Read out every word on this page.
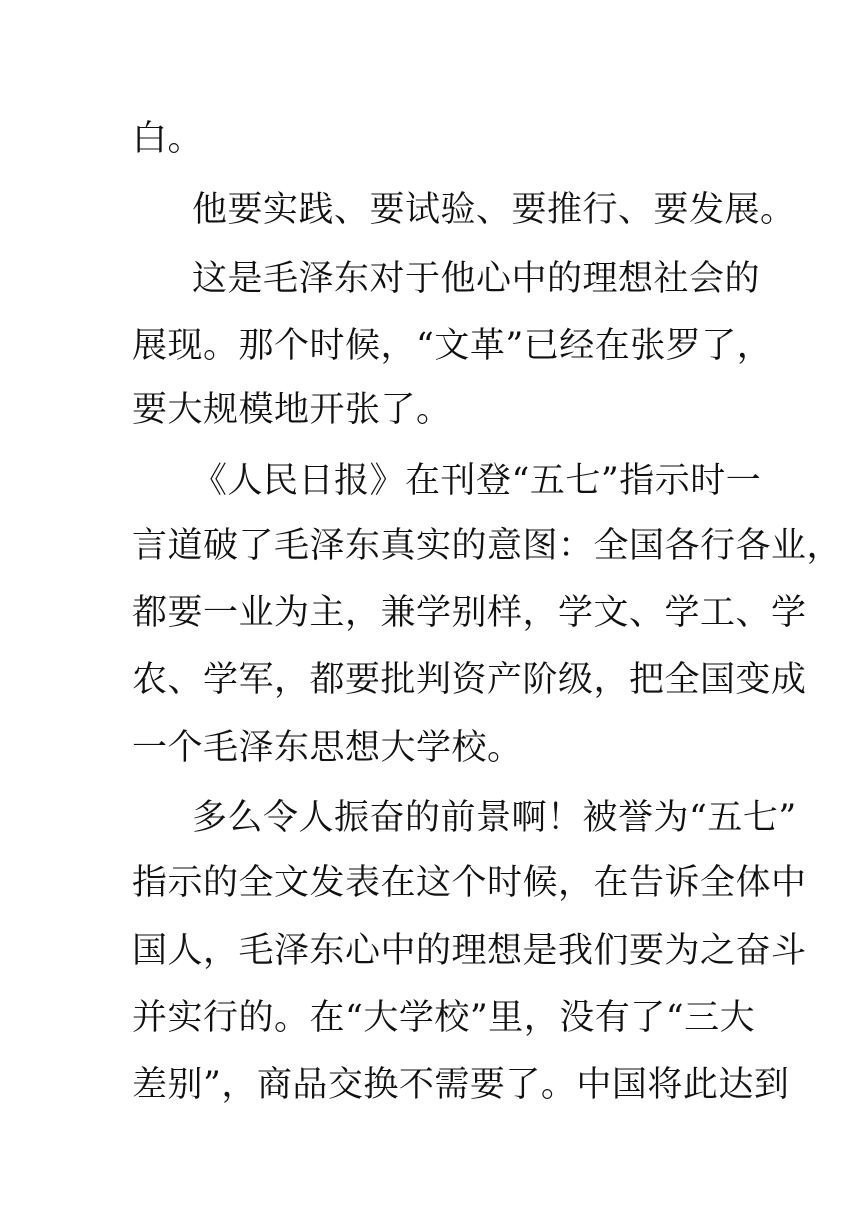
白。
他要实践、要试验、要推行、要发展。
这是毛泽东对于他心中的理想社会的
展现。那个时候，“文革”已经在张罗了，
要大规模地开张了。
《人民日报》在刊登“五七”指示时一
言道破了毛泽东真实的意图：全国各行各业，
都要一业为主，兼学别样，学文、学工、学
农、学军，都要批判资产阶级，把全国变成
一个毛泽东思想大学校。
多么令人振奋的前景啊！被誉为“五七”
指示的全文发表在这个时候，在告诉全体中
国人，毛泽东心中的理想是我们要为之奋斗
并实行的。在“大学校”里，没有了“三大
差别”，商品交换不需要了。中国将此达到
